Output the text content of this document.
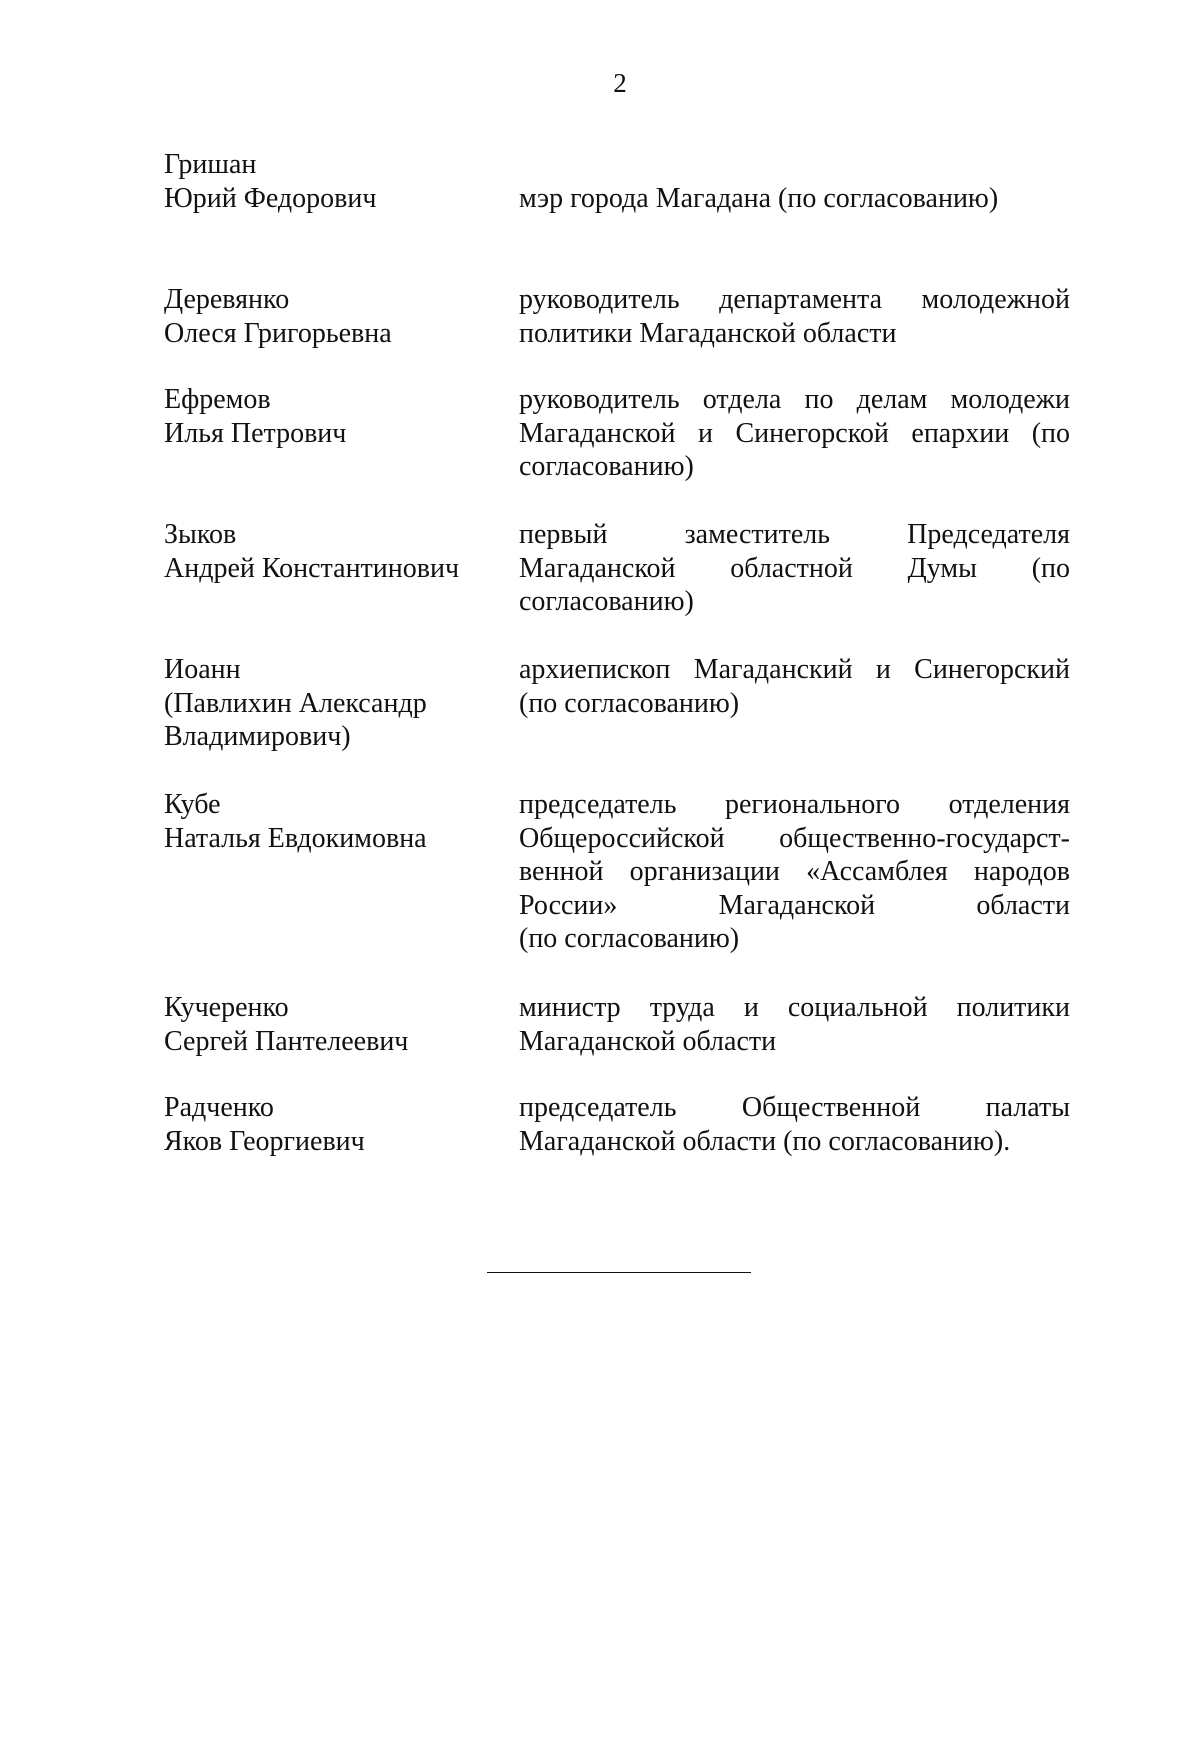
2
Гришан
Юрий Федорович	мэр города Магадана (по согласованию)
Деревянко
Олеся Григорьевна
руководитель департамента молодежной
политики Магаданской области
Ефремов
Илья Петрович
руководитель отдела по делам молодежи
Магаданской и Синегорской епархии (по
согласованию)
Зыков
Андрей Константинович
первый заместитель Председателя
Магаданской областной Думы (по
согласованию)
Иоанн
(Павлихин Александр
Владимирович)
архиепископ Магаданский и Синегорский
(по согласованию)
Кубе
Наталья Евдокимовна
председатель регионального отделения
Общероссийской общественно-государст-
венной организации «Ассамблея народов
России» Магаданской области
(по согласованию)
Кучеренко
Сергей Пантелеевич
министр труда и социальной политики
Магаданской области
Радченко
Яков Георгиевич
председатель Общественной палаты
Магаданской области (по согласованию).
